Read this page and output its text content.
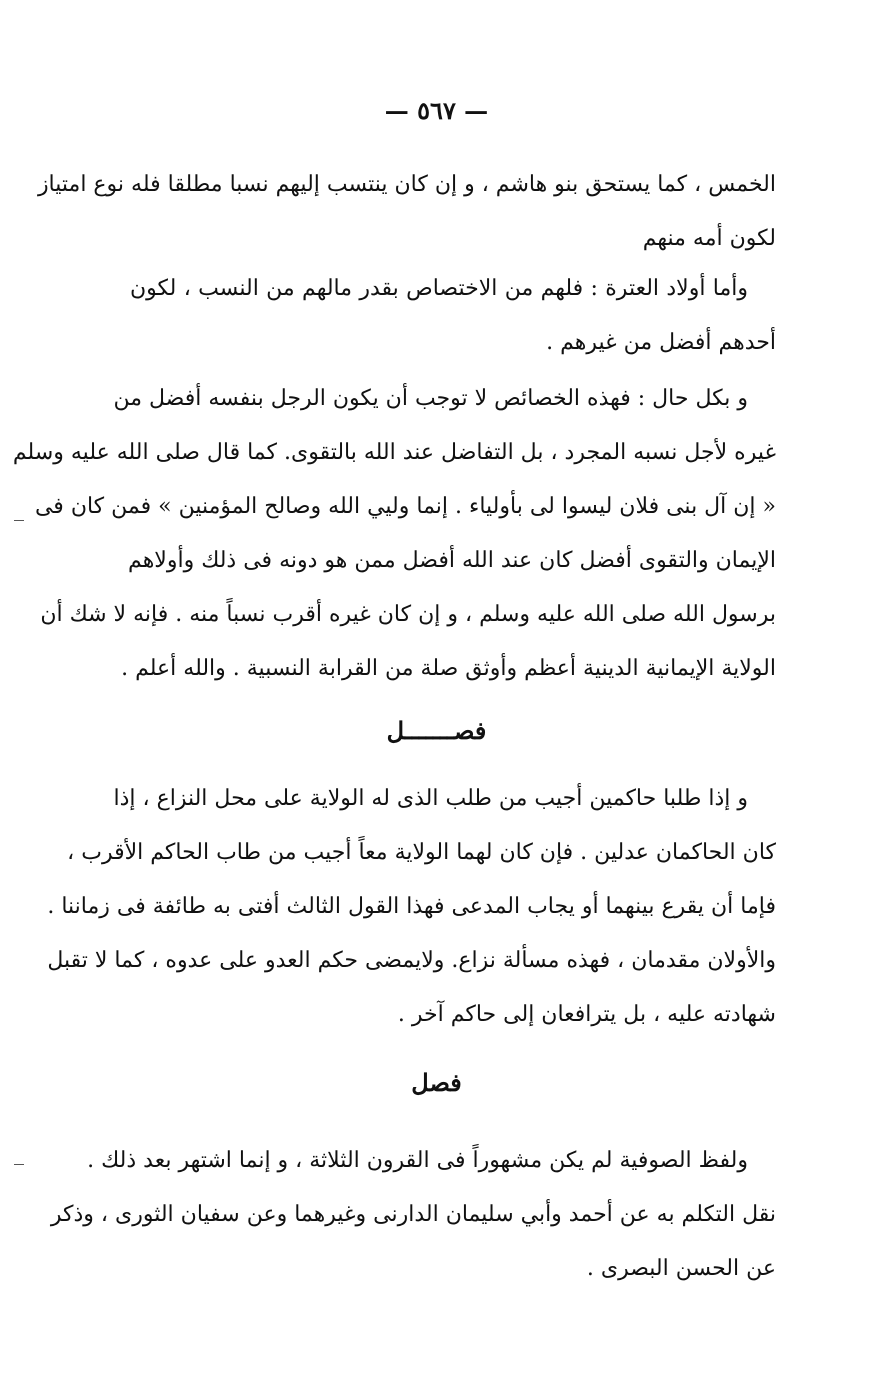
— ٥٦٧ —
الخمس ، كما يستحق بنو هاشم ، و إن كان ينتسب إليهم نسبا مطلقا فله نوع امتياز
لكون أمه منهم
وأما أولاد العترة : فلهم من الاختصاص بقدر مالهم من النسب ، لكون
أحدهم أفضل من غيرهم .
و بكل حال : فهذه الخصائص لا توجب أن يكون الرجل بنفسه أفضل من
غيره لأجل نسبه المجرد ، بل التفاضل عند الله بالتقوى. كما قال صلى الله عليه وسلم
« إن آل بنى فلان ليسوا لى بأولياء . إنما وليي الله وصالح المؤمنين » فمن كان فى
الإيمان والتقوى أفضل كان عند الله أفضل ممن هو دونه فى ذلك وأولاهم
برسول الله صلى الله عليه وسلم ، و إن كان غيره أقرب نسباً منه . فإنه لا شك أن
الولاية الإيمانية الدينية أعظم وأوثق صلة من القرابة النسبية . والله أعلم .
فصـــــــل
و إذا طلبا حاكمين أجيب من طلب الذى له الولاية على محل النزاع ، إذا
كان الحاكمان عدلين . فإن كان لهما الولاية معاً أجيب من طاب الحاكم الأقرب ،
فإما أن يقرع بينهما أو يجاب المدعى فهذا القول الثالث أفتى به طائفة فى زماننا .
والأولان مقدمان ، فهذه مسألة نزاع. ولايمضى حكم العدو على عدوه ، كما لا تقبل
شهادته عليه ، بل يترافعان إلى حاكم آخر .
فصل
ولفظ الصوفية لم يكن مشهوراً فى القرون الثلاثة ، و إنما اشتهر بعد ذلك .
نقل التكلم به عن أحمد وأبي سليمان الدارنى وغيرهما وعن سفيان الثورى ، وذكر
عن الحسن البصرى .
